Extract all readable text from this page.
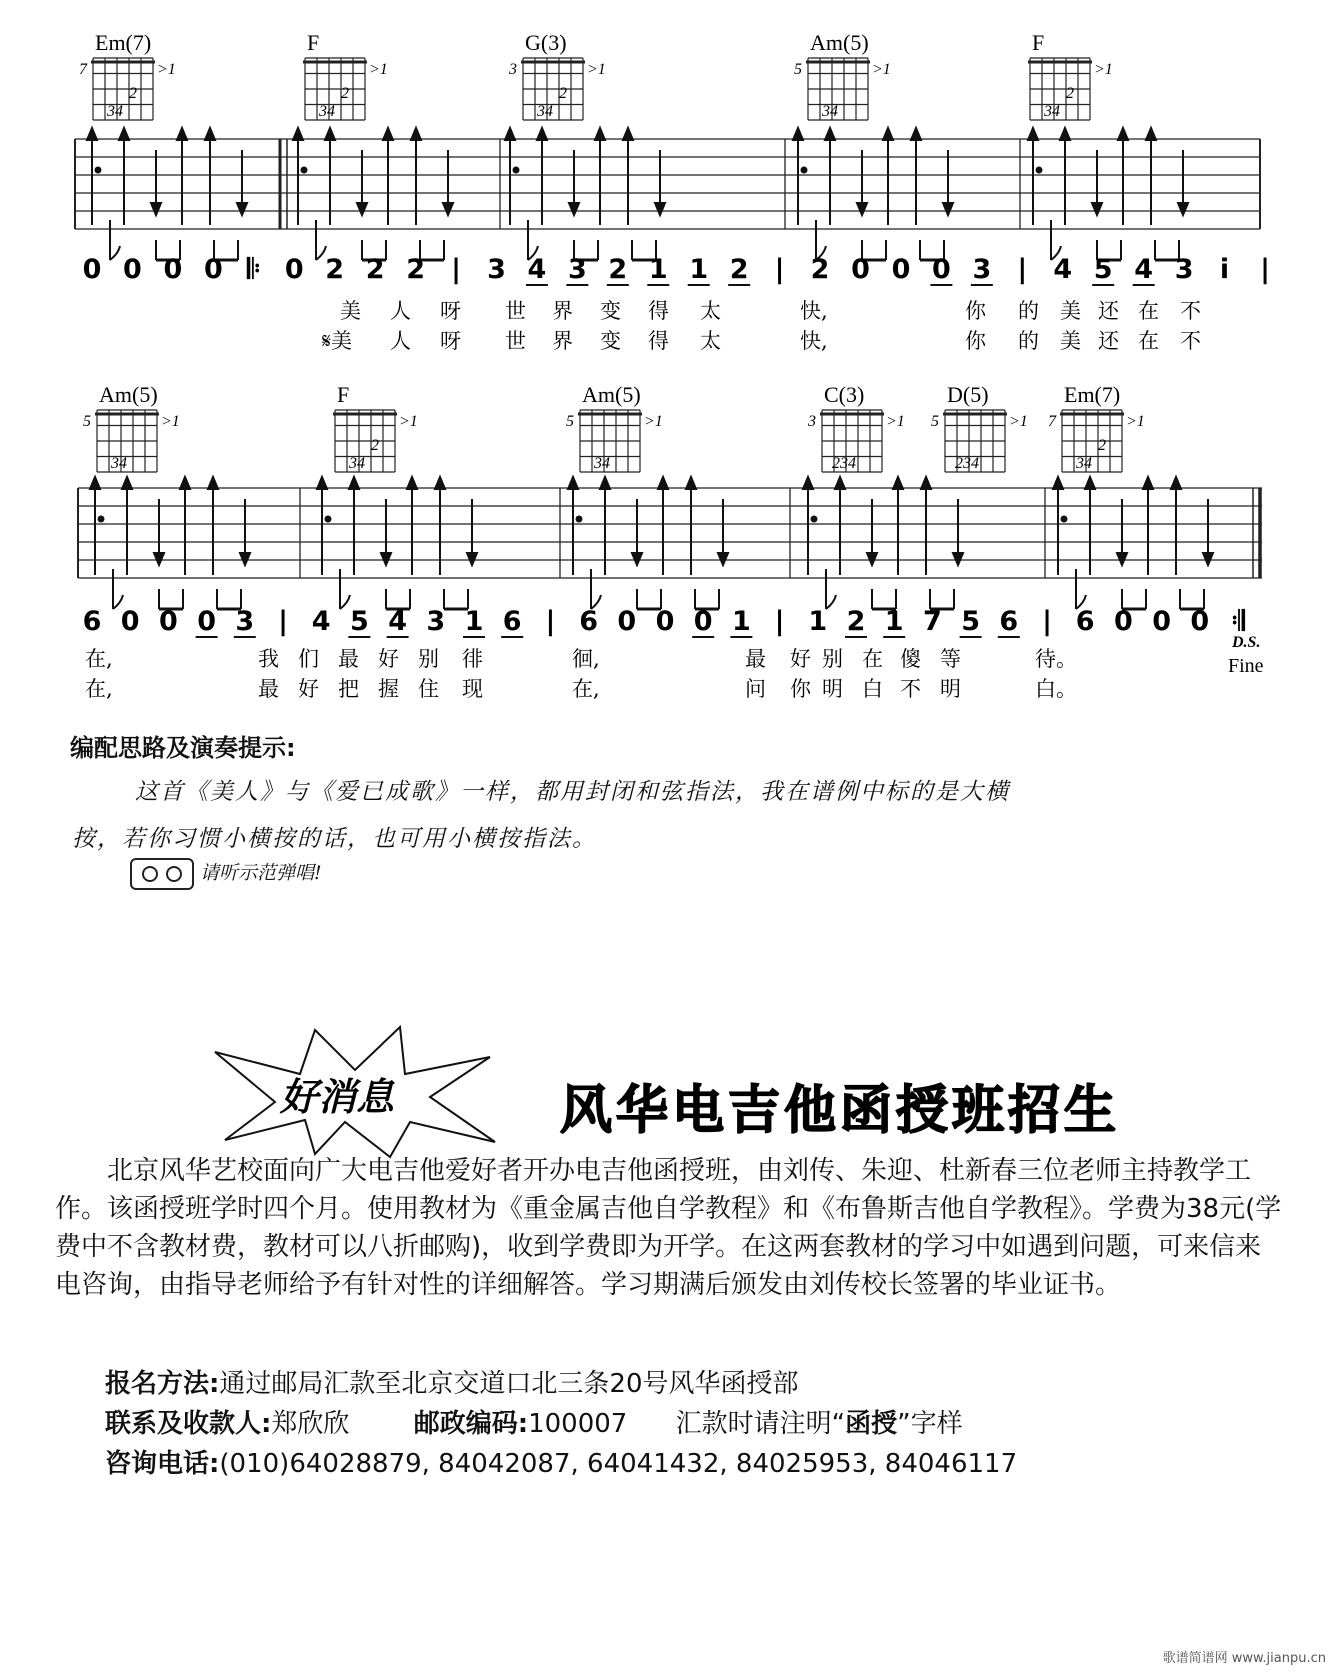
Em(7)
7	>1
2
34
F
>1
2
34
G(3)
3	>1
2
34
Am(5)
5	>1
34
F
>1
2
34
Am(5)
5	>1
34
F
>1
2
34
Am(5)
5	>1
34
C(3)
3	>1
234
D(5)
5	>1
234
Em(7)
7	>1
2
34
0 0 0 0 𝄆 0 2 2 2 | 3 4 3 2 1 1 2 | 2 0 0 0 3 | 4 5 4 3 i |
6 0 0 0 3 | 4 5 4 3 1 6 | 6 0 0 0 1 | 1 2 1 7 5 6 | 6 0 0 0 𝄇
美 人 呀 世 界 变 得 太	快,	你 的 美 还 在 不
𝄋美 人 呀 世 界 变 得 太	快,	你 的 美 还 在 不
在,	我 们 最 好 别 徘	徊,	最 好 别 在 傻 等	待。
在,	最 好 把 握 住 现	在,	问 你 明 白 不 明	白。
D.S.
Fine
编配思路及演奏提示:
这首《美人》与《爱已成歌》一样，都用封闭和弦指法，我在谱例中标的是大横
按，若你习惯小横按的话，也可用小横按指法。
请听示范弹唱!
好消息	风华电吉他函授班招生

北京风华艺校面向广大电吉他爱好者开办电吉他函授班，由刘传、朱迎、杜新春三位老师主持教学工作。该函授班学时四个月。使用教材为《重金属吉他自学教程》和《布鲁斯吉他自学教程》。学费为38元(学费中不含教材费，教材可以八折邮购)，收到学费即为开学。在这两套教材的学习中如遇到问题，可来信来电咨询，由指导老师给予有针对性的详细解答。学习期满后颁发由刘传校长签署的毕业证书。

报名方法:通过邮局汇款至北京交道口北三条20号风华函授部
联系及收款人:郑欣欣 邮政编码:100007 汇款时请注明“函授”字样
咨询电话:(010)64028879, 84042087, 64041432, 84025953, 84046117
歌谱简谱网 www.jianpu.cn
